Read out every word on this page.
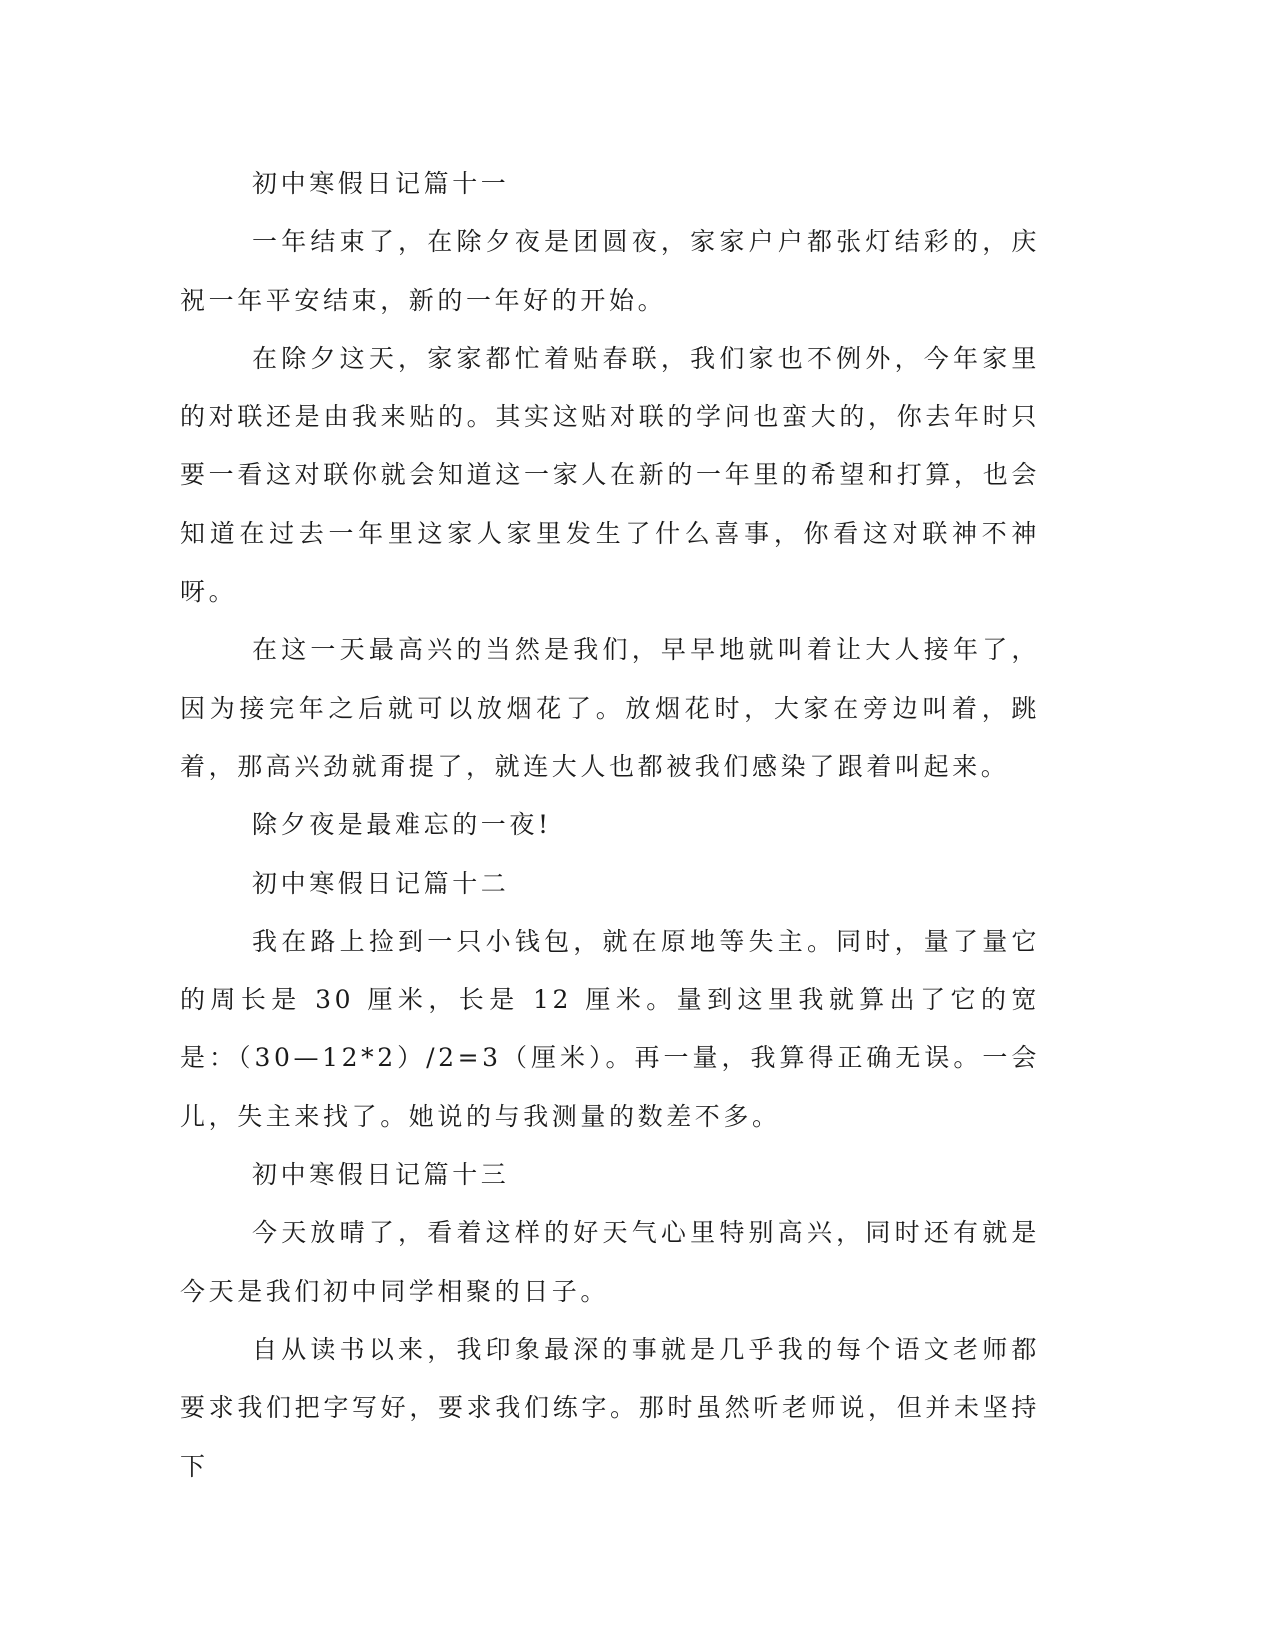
初中寒假日记篇十一

一年结束了，在除夕夜是团圆夜，家家户户都张灯结彩的，庆祝一年平安结束，新的一年好的开始。

在除夕这天，家家都忙着贴春联，我们家也不例外，今年家里的对联还是由我来贴的。其实这贴对联的学问也蛮大的，你去年时只要一看这对联你就会知道这一家人在新的一年里的希望和打算，也会知道在过去一年里这家人家里发生了什么喜事，你看这对联神不神呀。

在这一天最高兴的当然是我们，早早地就叫着让大人接年了，因为接完年之后就可以放烟花了。放烟花时，大家在旁边叫着，跳着，那高兴劲就甭提了，就连大人也都被我们感染了跟着叫起来。

除夕夜是最难忘的一夜!

初中寒假日记篇十二

我在路上捡到一只小钱包，就在原地等失主。同时，量了量它的周长是 30 厘米，长是 12 厘米。量到这里我就算出了它的宽是：（30—12*2）/2=3（厘米）。再一量，我算得正确无误。一会儿，失主来找了。她说的与我测量的数差不多。

初中寒假日记篇十三

今天放晴了，看着这样的好天气心里特别高兴，同时还有就是今天是我们初中同学相聚的日子。

自从读书以来，我印象最深的事就是几乎我的每个语文老师都要求我们把字写好，要求我们练字。那时虽然听老师说，但并未坚持下
